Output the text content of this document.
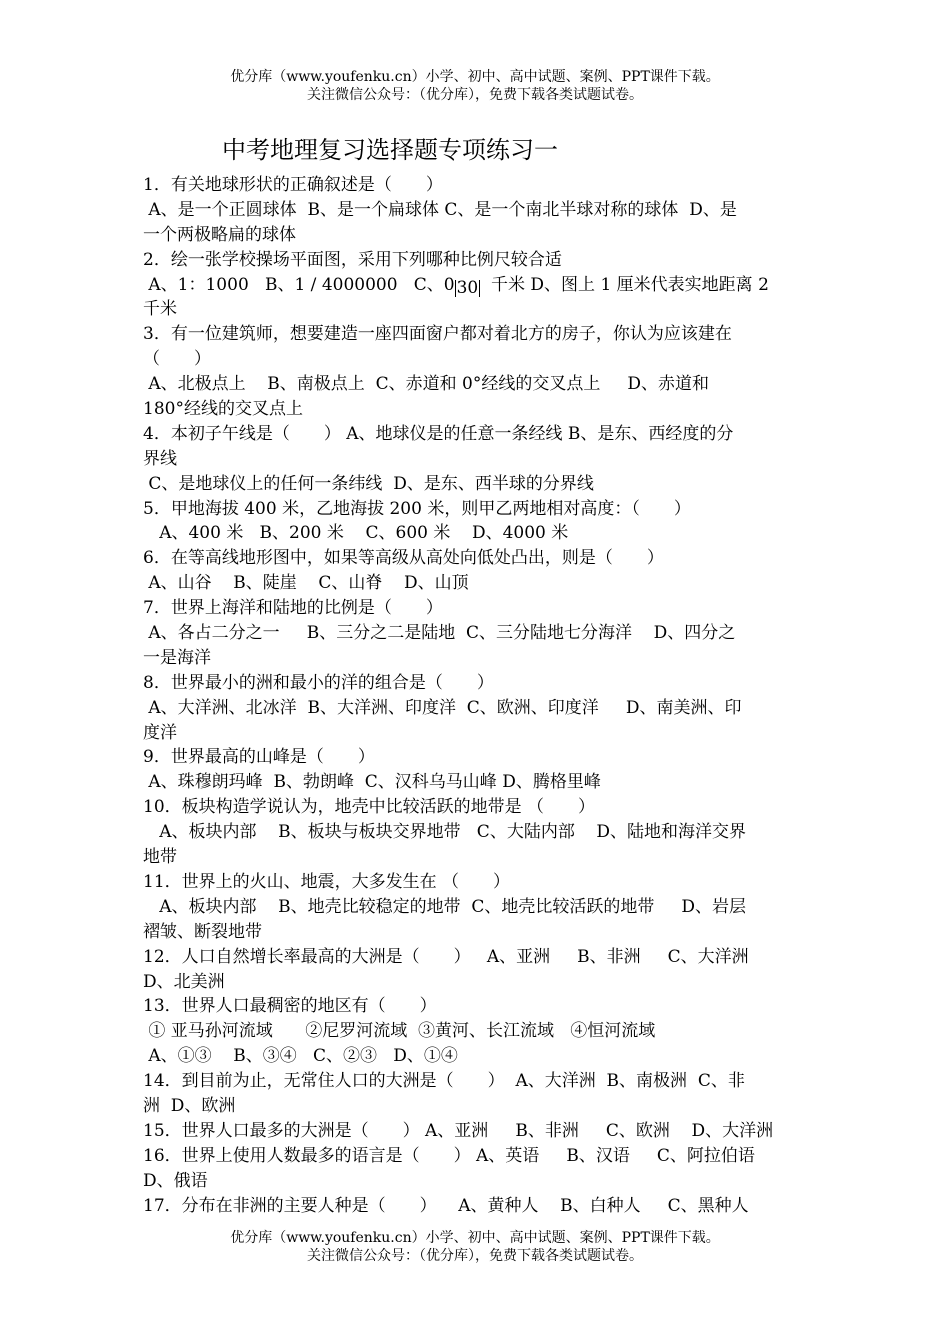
优分库（www.youfenku.cn）小学、初中、高中试题、案例、PPT课件下载。
关注微信公众号：（优分库），免费下载各类试题试卷。
中考地理复习选择题专项练习一
1．有关地球形状的正确叙述是（　　）
A、是一个正圆球体  B、是一个扁球体 C、是一个南北半球对称的球体  D、是
一个两极略扁的球体
2．绘一张学校操场平面图，采用下列哪种比例尺较合适
A、1：1000   B、1 / 4000000   C、0 30  千米 D、图上 1 厘米代表实地距离 2
千米
3．有一位建筑师，想要建造一座四面窗户都对着北方的房子，你认为应该建在
（　　）
A、北极点上    B、南极点上  C、赤道和 0°经线的交叉点上     D、赤道和
180°经线的交叉点上
4．本初子午线是（　　） A、地球仪是的任意一条经线 B、是东、西经度的分
界线
C、是地球仪上的任何一条纬线  D、是东、西半球的分界线
5．甲地海拔 400 米，乙地海拔 200 米，则甲乙两地相对高度：（　　）
A、400 米   B、200 米    C、600 米    D、4000 米
6．在等高线地形图中，如果等高级从高处向低处凸出，则是（　　）
A、山谷    B、陡崖    C、山脊    D、山顶
7．世界上海洋和陆地的比例是（　　）
A、各占二分之一     B、三分之二是陆地  C、三分陆地七分海洋    D、四分之
一是海洋
8．世界最小的洲和最小的洋的组合是（　　）
A、大洋洲、北冰洋  B、大洋洲、印度洋  C、欧洲、印度洋     D、南美洲、印
度洋
9．世界最高的山峰是（　　）
A、珠穆朗玛峰  B、勃朗峰  C、汉科乌马山峰 D、腾格里峰
10．板块构造学说认为，地壳中比较活跃的地带是 （　　）
A、板块内部    B、板块与板块交界地带   C、大陆内部    D、陆地和海洋交界
地带
11．世界上的火山、地震，大多发生在 （　　）
A、板块内部    B、地壳比较稳定的地带  C、地壳比较活跃的地带     D、岩层
褶皱、断裂地带
12．人口自然增长率最高的大洲是（　　）   A、亚洲     B、非洲     C、大洋洲
D、北美洲
13．世界人口最稠密的地区有（　　）
① 亚马孙河流域      ②尼罗河流域  ③黄河、长江流域   ④恒河流域
A、①③    B、③④   C、②③   D、①④
14．到目前为止，无常住人口的大洲是（　　）  A、大洋洲  B、南极洲  C、非
洲  D、欧洲
15．世界人口最多的大洲是（　　） A、亚洲     B、非洲     C、欧洲    D、大洋洲
16．世界上使用人数最多的语言是（　　） A、英语     B、汉语     C、阿拉伯语
D、俄语
17．分布在非洲的主要人种是（　　）    A、黄种人    B、白种人     C、黑种人
优分库（www.youfenku.cn）小学、初中、高中试题、案例、PPT课件下载。
关注微信公众号：（优分库），免费下载各类试题试卷。
